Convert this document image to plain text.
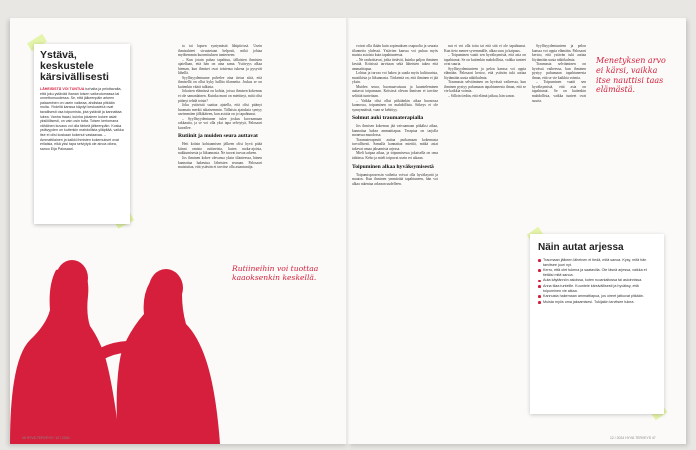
Ystävä, keskustele kärsivällisesti
LÄHEISISTÄ VOI TUNTUA turhalta ja pelottavalta, että joku ystävää ihanan toisen vaikeutumassa tai onnettomuudessa. Se, että jälkeenpäin arkeen palaaminen on usein vaikeaa, ahdistaa pitkään muita. Yhdellä kanssa käydyt keskustelut ovat tavallisesti osa toipumista, jota ystävät ja kannattaa lukea. Vanha fraasi, kuinka jokainen kokee asiat yksilöllisesti, on vain osin totta. Toisen kertomana vähäinen kuvaus voi olla tärkeä jälkeenpäin. Koska ystävyyden on kuitenkin mahdollista ylläpitää, vaikka itse ei olisi koskaan kokenut vastaavaa. – Ammattilainen ja kaikki ihmisten kokemukset ovat erilaisia, eikä yksi tapa selviytyä ole ainoa oikea, sanoo Eija Palosaari.

ta tai lapsen syntymästä lähipiirissä. Usein ihmisuhteet sivuutetaan helposti, mikä johtaa myöhemmin kuormituksen tunteeseen.

– Kun jotain pahaa tapahtuu, tällaisten ihmisten ajatellaan, että hän on aina sama. Ystävyys alkaa hieman, kun ihmiset ovat toistensa tukena ja pysyvät lähellä.

Syyllisyydentunne palvelee aina tietoa siitä, että ihmisellä on ollut kyky hallita tilannetta. Joskus se on kuitenkin väärä tulkinta.

Jokaisen elämässä on kohtia, joissa ihmisen kokemus ei ole samanlainen. Kuinka moni on miettinyt, mitä olisi pitänyt tehdä toisin?

Joku ystävistä saattaa ajatella, että olisi pitänyt huomata merkit aikaisemmin. Tällaisia ajatuksia syntyy useimmiten jälkikäteen, kun asioita on jo tapahtunut.

– Syyllisyydentunne tulee joskus korvaamaan rakkautta, ja se voi olla yksi tapa selviytyä, Palosaari kuvailee.

Rutiinit ja muiden seura auttavat

Heti kriisin kohtaamisen jälkeen olisi hyvä pitää kiinni omista rutiineista, kuten ruoka-ajoista, nukkumisesta ja liikunnasta. Ne tuovat turvaa arkeen.

Jos ihminen kokee olevansa yksin tilanteessa, hänen kannattaa hakeutua läheisten seuraan. Palosaari muistuttaa, että ystävän ei tarvitse olla asiantuntija.

Rutiineihin voi tuottaa kaaoksenkin keskellä.

voivat olla ikään kuin sopimuksen osapuolia ja seurata tilannetta yhdessä. Ystävien kanssa voi puhua myös muista asioista kuin tapahtuneesta.

– Ne rauhoittavat, jotka tietävät, kuinka paljon ihminen kestää. Kriisissä tarvitaan sekä läheisten tukea että ammattiapua.

Lohtua ja turvaa voi hakea ja saada myös kulttuurista, musiikista ja liikunnasta. Tärkeintä on, että ihminen ei jää yksin.

Muiden seura, huomaavaisuus ja kuunteleminen auttavat toipumaan. Kriisissä olevan ihmisen ei tarvitse selittää tunteitaan.

– Vaikka olisi ollut pitkäänkin aikaa huonossa kunnossa, toipuminen on mahdollista. Sitkeys ei ole synnynnäistä, vaan se kehittyy.

Solmut auki traumaterapialla

Jos ihmisen kokemus jää vaivaamaan pitkäksi aikaa, kannattaa hakea ammattiapua. Terapiaa on tarjolla monessa muodossa.

Traumaterapeutti auttaa purkamaan kokemusta turvallisesti. Samalla kannattaa miettiä, mitkä asiat tukevat omaa jaksamista arjessa.

Mieli kaipaa aikaa, ja toipumisessa jokaisella on oma tahtinsa. Keho ja mieli toipuvat usein eri aikaan.

Toipuminen alkaa hyväksymisestä

Toipumisprosessin vaiheita voivat olla hyväksyntä ja muutos. Kun ihminen ymmärtää tapahtuneen, hän voi alkaa rakentaa arkeaan uudelleen.

nut ei voi olla totta tai että sitä ei ole tapahtunut. Kun tieto menee syvemmälle, alkaa suru ja kaipaus.

– Toipuminen vaatii sen hyväksymistä, että asia on tapahtunut. Se on kuitenkin mahdollista, vaikka tunteet ovat suuria.

Syyllisyydentunteen ja pelon kanssa voi oppia elämään. Palosaari kertoo, että ystävän tuki auttaa löytämään uusia näkökulmia.

Traumasta selviäminen on hyvässä vaiheessa, kun ihminen pystyy puhumaan tapahtuneesta ilman, että se vie kaikkia voimia.

– Silloin tiedän, että elämä jatkuu, hän sanoo.

Menetyksen arvo ei kärsi, vaikka itse nauttisi taas elämästä.

Syyllisyydentunteen ja pelon kanssa voi oppia elämään. Palosaari kertoo, että ystävän tuki auttaa löytämään uusia näkökulmia.

Traumasta selviäminen on hyvässä vaiheessa, kun ihminen pystyy puhumaan tapahtuneesta ilman, että se vie kaikkia voimia.

– Toipuminen vaatii sen hyväksymistä, että asia on tapahtunut. Se on kuitenkin mahdollista, vaikka tunteet ovat suuria.

Näin autat arjessa
Traumaan jälkeen läheinen ei tiedä, mitä sanoa. Kysy, mitä hän tarvitsee juuri nyt.
Kerro, että olet tukena ja saatavilla. Ole läsnä arjessa, vaikka et tietäisi mitä sanoa.
Auta käytännön asioissa, kuten ruoanlaitossa tai asioinnissa.
Anna tilaa tunteille. Kuuntele kärsivällisesti ja hyväksy, että toipuminen vie aikaa.
Kannusta hakemaan ammattiapua, jos oireet jatkuvat pitkään.
Muista myös oma jaksamisesi. Tukijakin tarvitsee tukea.
46 HYVÄ TERVEYS / 12 / 2024	12 / 2024 HYVÄ TERVEYS 47
